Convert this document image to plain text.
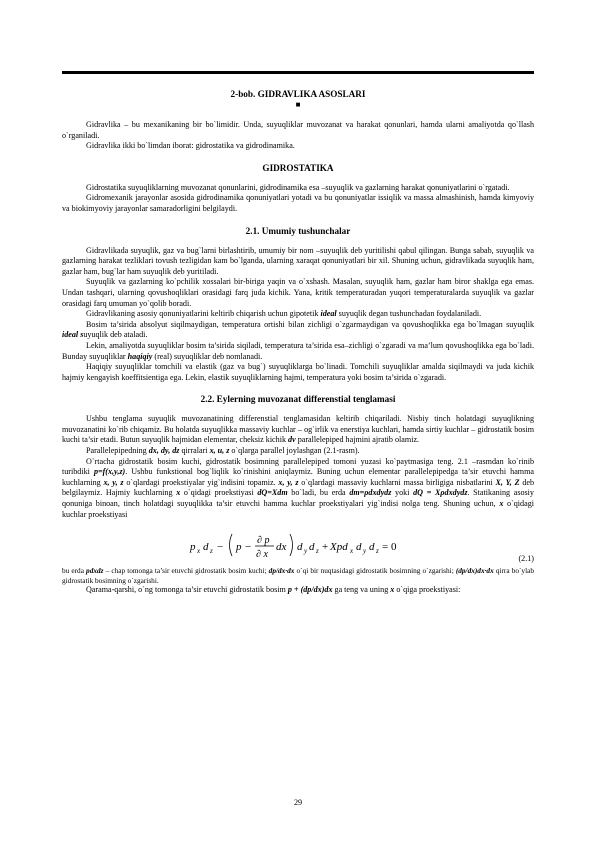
2-bob. GIDRAVLIKA ASOSLARI
■

Gidravlika – bu mexanikaning bir bo`limidir. Unda, suyuqliklar muvozanat va harakat qonunlari, hamda ularni amaliyotda qo`llash o`rganiladi.

Gidravlika ikki bo`limdan iborat: gidrostatika va gidrodinamika.

GIDROSTATIKA

Gidrostatika suyuqliklarning muvozanat qonunlarini, gidrodinamika esa –suyuqlik va gazlarning harakat qonuniyatlarini o`rgatadi.

Gidromexanik jarayonlar asosida gidrodinamika qonuniyatlari yotadi va bu qonuniyatlar issiqlik va massa almashinish, hamda kimyoviy va biokimyoviy jarayonlar samaradorligini belgilaydi.

2.1. Umumiy tushunchalar

Gidravlikada suyuqlik, gaz va bug`larni birlashtirib, umumiy bir nom –suyuqlik deb yuritilishi qabul qilingan. Bunga sabab, suyuqlik va gazlarning harakat tezliklari tovush tezligidan kam bo`lganda, ularning xaraqat qonuniyatlari bir xil. Shuning uchun, gidravlikada suyuqlik ham, gazlar ham, bug`lar ham suyuqlik deb yuritiladi.

Suyuqlik va gazlarning ko`pchilik xossalari bir-biriga yaqin va o`xshash. Masalan, suyuqlik ham, gazlar ham biror shaklga ega emas. Undan tashqari, ularning qovushoqliklari orasidagi farq juda kichik. Yana, kritik temperaturadan yuqori temperaturalarda suyuqlik va gazlar orasidagi farq umuman yo`qolib boradi.

Gidravlikaning asosiy qonuniyatlarini keltirib chiqarish uchun gipotetik ideal suyuqlik degan tushunchadan foydalaniladi.

Bosim ta’sirida absolyut siqilmaydigan, temperatura ortishi bilan zichligi o`zgarmaydigan va qovushoqlikka ega bo`lmagan suyuqlik ideal suyuqlik deb ataladi.

Lekin, amaliyotda suyuqliklar bosim ta’sirida siqiladi, temperatura ta’sirida esa–zichligi o`zgaradi va ma’lum qovushoqlikka ega bo`ladi. Bunday suyuqliklar haqiqiy (real) suyuqliklar deb nomlanadi.

Haqiqiy suyuqliklar tomchili va elastik (gaz va bug`) suyuqliklarga bo`linadi. Tomchili suyuqliklar amalda siqilmaydi va juda kichik hajmiy kengayish koeffitsientiga ega. Lekin, elastik suyuqliklarning hajmi, temperatura yoki bosim ta’sirida o`zgaradi.

2.2. Eylerning muvozanat differenstial tenglamasi

Ushbu tenglama suyuqlik muvozanatining differenstial tenglamasidan keltirib chiqariladi. Nisbiy tinch holatdagi suyuqlikning muvozanatini ko`rib chiqamiz. Bu holatda suyuqlikka massaviy kuchlar – og`irlik va enerstiya kuchlari, hamda sirtiy kuchlar – gidrostatik bosim kuchi ta’sir etadi. Butun suyuqlik hajmidan elementar, cheksiz kichik dv parallelepiped hajmini ajratib olamiz.

Parallelepipedning dx, dy, dz qirralari x, u, z o`qlarga parallel joylashgan (2.1-rasm).

O`rtacha gidrostatik bosim kuchi, gidrostatik bosimning parallelepiped tomoni yuzasi ko`paytmasiga teng. 2.1 –rasmdan ko`rinib turibdiki p=f(x,y,z). Ushbu funkstional bog`liqlik ko`rinishini aniqlaymiz. Buning uchun elementar parallelepipedga ta’sir etuvchi hamma kuchlarning x, y, z o`qlardagi proekstiyalar yig`indisini topamiz. x, y, z o`qlardagi massaviy kuchlarni massa birligiga nisbatlarini X, Y, Z deb belgilaymiz. Hajmiy kuchlarning x o`qidagi proekstiyasi dQ=Xdm bo`ladi, bu erda dm=ρdxdydz yoki dQ = Xρdxdydz. Statikaning asosiy qonuniga binoan, tinch holatdagi suyuqlikka ta’sir etuvchi hamma kuchlar proekstiyalari yig`indisi nolga teng. Shuning uchun, x o`qidagi kuchlar proekstiyasi

p x d z − p −
∂ p
∂ x
dx d y d z + Xpd x d y d z = 0
(2.1)

bu erda pdxdz – chap tomonga ta’sir etuvchi gidrostatik bosim kuchi; dp/dx∙dx o`qi bir nuqtasidagi gidrostatik bosimning o`zgarishi; (dp/dx)dx∙dx qirra bo`ylab gidrostatik bosimning o`zgarishi.

Qarama-qarshi, o`ng tomonga ta’sir etuvchi gidrostatik bosim p + (dp/dx)dx ga teng va uning x o`qiga proekstiyasi:

29
